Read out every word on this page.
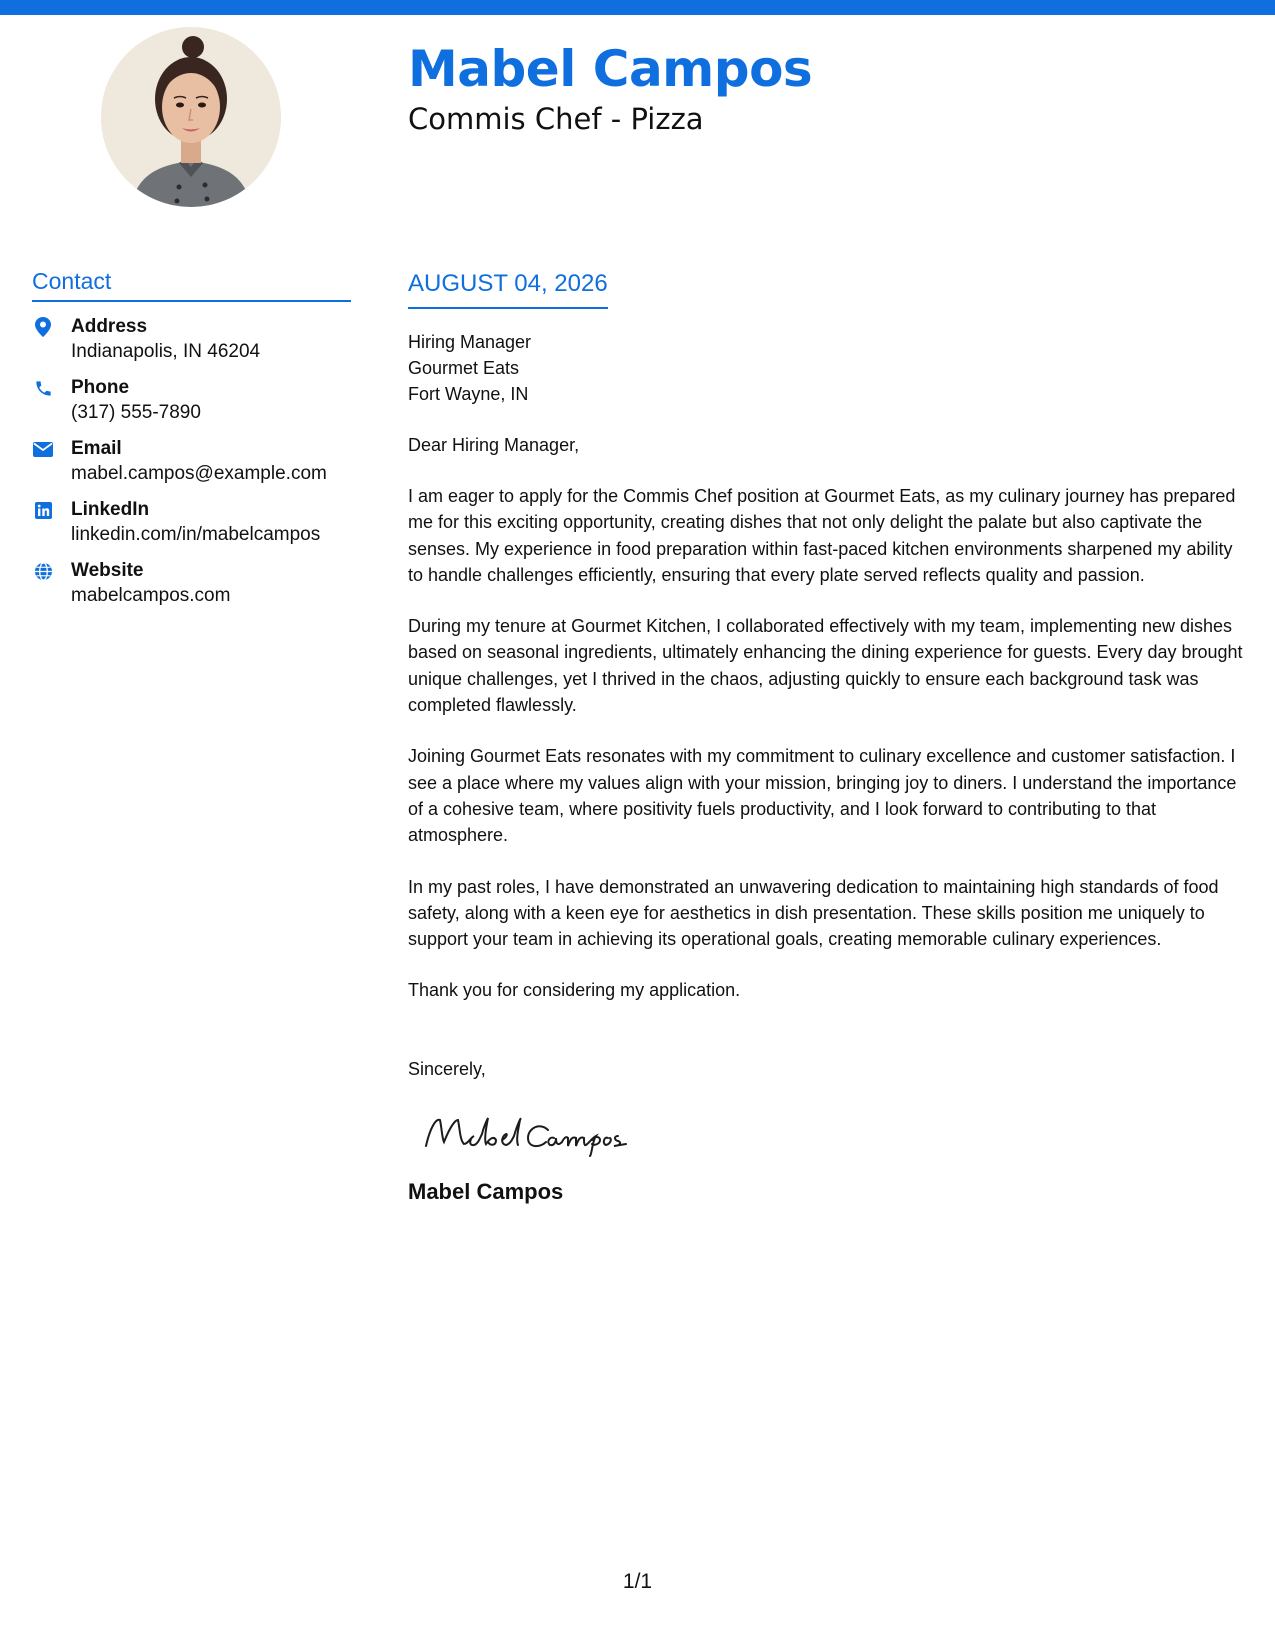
Mabel Campos
Commis Chef - Pizza
Contact
Address
Indianapolis, IN 46204
Phone
(317) 555-7890
Email
mabel.campos@example.com
LinkedIn
linkedin.com/in/mabelcampos
Website
mabelcampos.com
AUGUST 04, 2026
Hiring Manager
Gourmet Eats
Fort Wayne, IN
Dear Hiring Manager,
I am eager to apply for the Commis Chef position at Gourmet Eats, as my culinary journey has prepared me for this exciting opportunity, creating dishes that not only delight the palate but also captivate the senses. My experience in food preparation within fast-paced kitchen environments sharpened my ability to handle challenges efficiently, ensuring that every plate served reflects quality and passion.
During my tenure at Gourmet Kitchen, I collaborated effectively with my team, implementing new dishes based on seasonal ingredients, ultimately enhancing the dining experience for guests. Every day brought unique challenges, yet I thrived in the chaos, adjusting quickly to ensure each background task was completed flawlessly.
Joining Gourmet Eats resonates with my commitment to culinary excellence and customer satisfaction. I see a place where my values align with your mission, bringing joy to diners. I understand the importance of a cohesive team, where positivity fuels productivity, and I look forward to contributing to that atmosphere.
In my past roles, I have demonstrated an unwavering dedication to maintaining high standards of food safety, along with a keen eye for aesthetics in dish presentation. These skills position me uniquely to support your team in achieving its operational goals, creating memorable culinary experiences.
Thank you for considering my application.
Sincerely,
Mabel Campos
1/1
